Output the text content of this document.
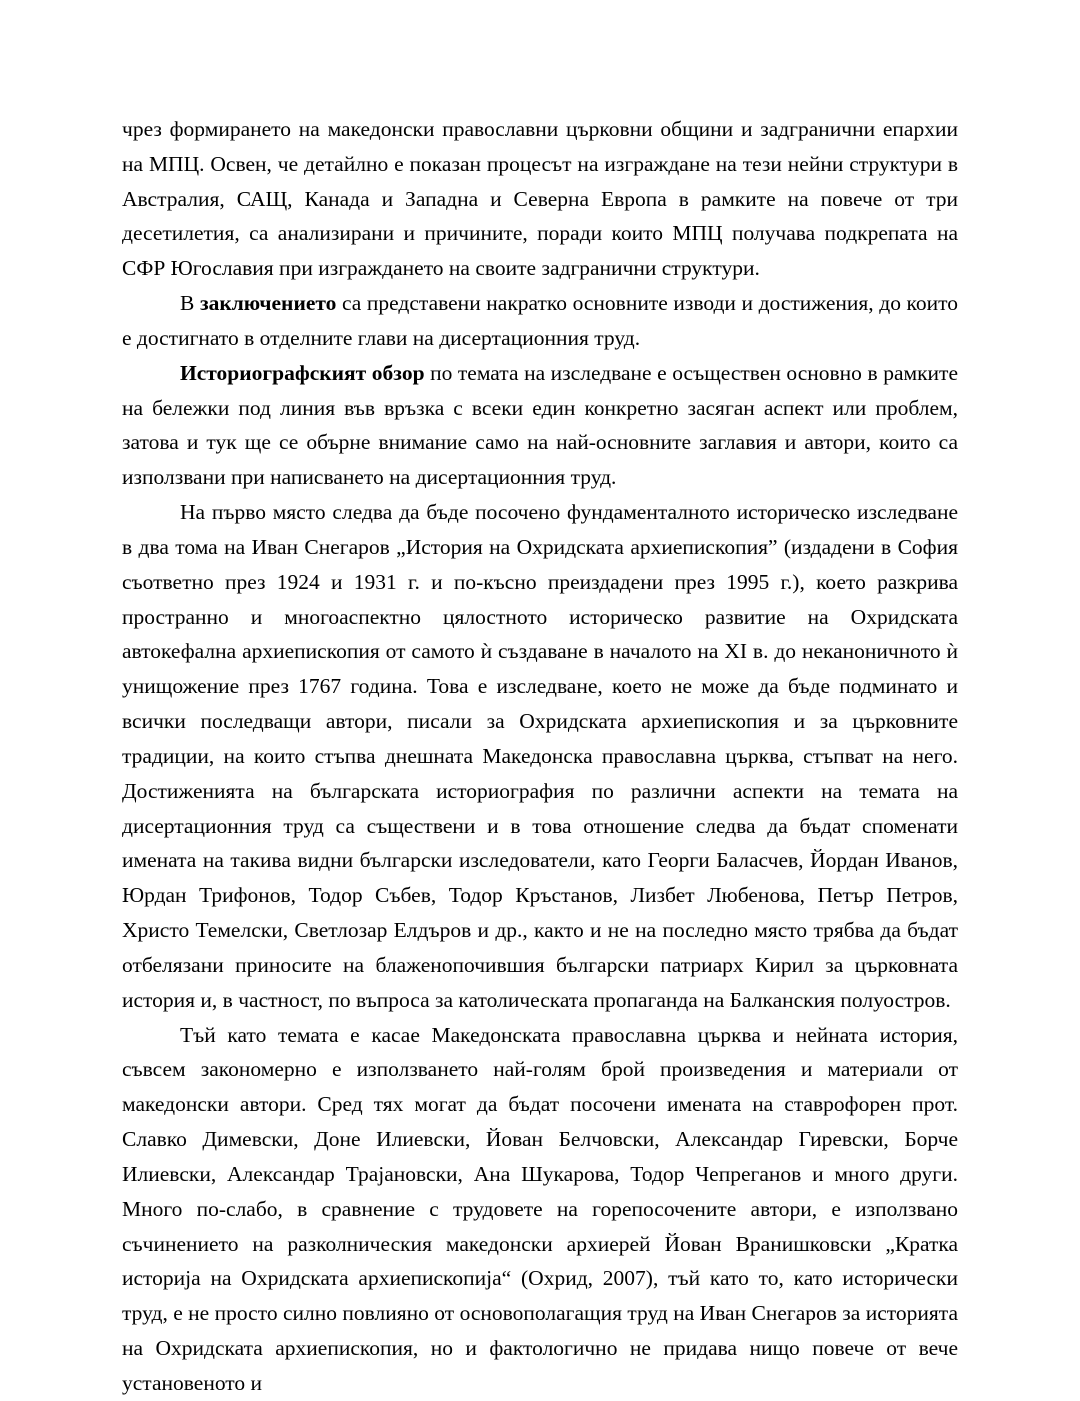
чрез формирането на македонски православни църковни общини и задгранични епархии на МПЦ. Освен, че детайлно е показан процесът на изграждане на тези нейни структури в Австралия, САЩ, Канада и Западна и Северна Европа в рамките на повече от три десетилетия, са анализирани и причините, поради които МПЦ получава подкрепата на СФР Югославия при изграждането на своите задгранични структури.

В заключението са представени накратко основните изводи и достижения, до които е достигнато в отделните глави на дисертационния труд.

Историографският обзор по темата на изследване е осъществен основно в рамките на бележки под линия във връзка с всеки един конкретно засяган аспект или проблем, затова и тук ще се обърне внимание само на най-основните заглавия и автори, които са използвани при написването на дисертационния труд.

На първо място следва да бъде посочено фундаменталното историческо изследване в два тома на Иван Снегаров „История на Охридската архиепископия” (издадени в София съответно през 1924 и 1931 г. и по-късно преиздадени през 1995 г.), което разкрива пространно и многоаспектно цялостното историческо развитие на Охридската автокефална архиепископия от самото ѝ създаване в началото на XI в. до неканоничното ѝ унищожение през 1767 година. Това е изследване, което не може да бъде подминато и всички последващи автори, писали за Охридската архиепископия и за църковните традиции, на които стъпва днешната Македонска православна църква, стъпват на него. Достиженията на българската историография по различни аспекти на темата на дисертационния труд са съществени и в това отношение следва да бъдат споменати имената на такива видни български изследователи, като Георги Баласчев, Йордан Иванов, Юрдан Трифонов, Тодор Събев, Тодор Кръстанов, Лизбет Любенова, Петър Петров, Христо Темелски, Светлозар Елдъров и др., както и не на последно място трябва да бъдат отбелязани приносите на блаженопочившия български патриарх Кирил за църковната история и, в частност, по въпроса за католическата пропаганда на Балканския полуостров.

Тъй като темата е касае Македонската православна църква и нейната история, съвсем закономерно е използването най-голям брой произведения и материали от македонски автори. Сред тях могат да бъдат посочени имената на ставрофорен прот. Славко Димевски, Доне Илиевски, Йован Белчовски, Александар Гиревски, Борче Илиевски, Александар Трајановски, Ана Шукарова, Тодор Чепреганов и много други. Много по-слабо, в сравнение с трудовете на горепосочените автори, е използвано съчинението на разколническия македонски архиерей Йован Вранишковски „Кратка историја на Охридската архиепископија“ (Охрид, 2007), тъй като то, като исторически труд, е не просто силно повлияно от основополагащия труд на Иван Снегаров за историята на Охридската архиепископия, но и фактологично не придава нищо повече от вече установеното и
